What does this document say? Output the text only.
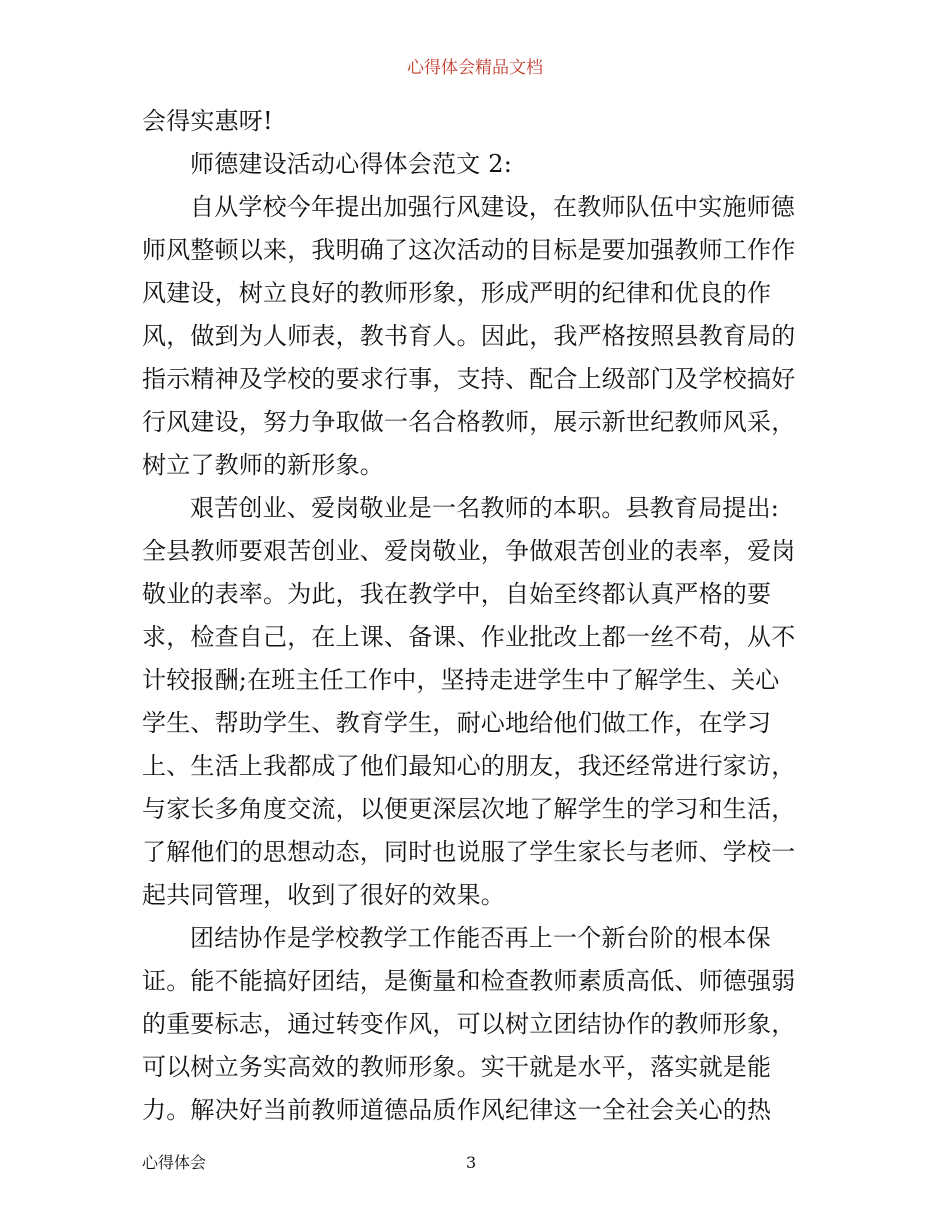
心得体会精品文档
会得实惠呀!
师德建设活动心得体会范文 2:
自从学校今年提出加强行风建设，在教师队伍中实施师德
师风整顿以来，我明确了这次活动的目标是要加强教师工作作
风建设，树立良好的教师形象，形成严明的纪律和优良的作
风，做到为人师表，教书育人。因此，我严格按照县教育局的
指示精神及学校的要求行事，支持、配合上级部门及学校搞好
行风建设，努力争取做一名合格教师，展示新世纪教师风采，
树立了教师的新形象。
艰苦创业、爱岗敬业是一名教师的本职。县教育局提出:
全县教师要艰苦创业、爱岗敬业，争做艰苦创业的表率，爱岗
敬业的表率。为此，我在教学中，自始至终都认真严格的要
求，检查自己，在上课、备课、作业批改上都一丝不苟，从不
计较报酬;在班主任工作中，坚持走进学生中了解学生、关心
学生、帮助学生、教育学生，耐心地给他们做工作，在学习
上、生活上我都成了他们最知心的朋友，我还经常进行家访，
与家长多角度交流，以便更深层次地了解学生的学习和生活，
了解他们的思想动态，同时也说服了学生家长与老师、学校一
起共同管理，收到了很好的效果。
团结协作是学校教学工作能否再上一个新台阶的根本保
证。能不能搞好团结，是衡量和检查教师素质高低、师德强弱
的重要标志，通过转变作风，可以树立团结协作的教师形象，
可以树立务实高效的教师形象。实干就是水平，落实就是能
力。解决好当前教师道德品质作风纪律这一全社会关心的热
心得体会	3
